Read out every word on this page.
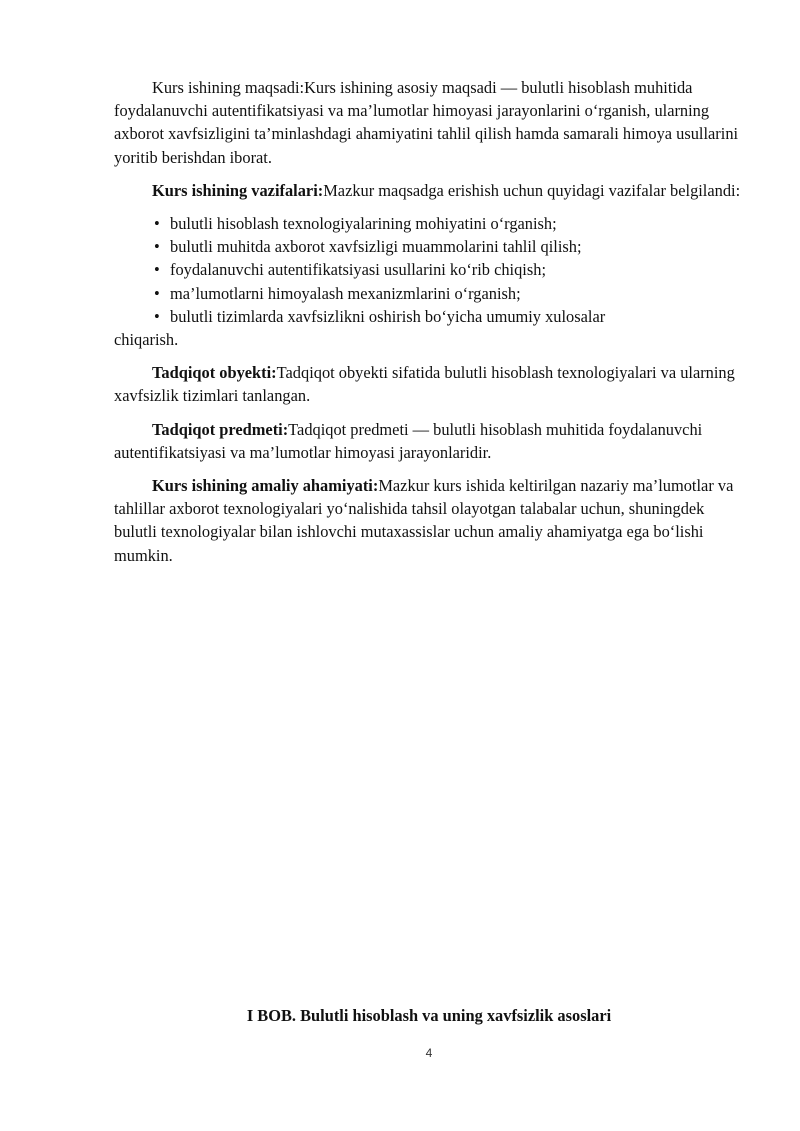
Kurs ishining maqsadi:Kurs ishining asosiy maqsadi — bulutli hisoblash muhitida foydalanuvchi autentifikatsiyasi va ma’lumotlar himoyasi jarayonlarini o‘rganish, ularning axborot xavfsizligini ta’minlashdagi ahamiyatini tahlil qilish hamda samarali himoya usullarini yoritib berishdan iborat.

Kurs ishining vazifalari:Mazkur maqsadga erishish uchun quyidagi vazifalar belgilandi:

• bulutli hisoblash texnologiyalarining mohiyatini o‘rganish;
• bulutli muhitda axborot xavfsizligi muammolarini tahlil qilish;
• foydalanuvchi autentifikatsiyasi usullarini ko‘rib chiqish;
• ma’lumotlarni himoyalash mexanizmlarini o‘rganish;
• bulutli tizimlarda xavfsizlikni oshirish bo‘yicha umumiy xulosalar

chiqarish.

Tadqiqot obyekti:Tadqiqot obyekti sifatida bulutli hisoblash texnologiyalari va ularning xavfsizlik tizimlari tanlangan.

Tadqiqot predmeti:Tadqiqot predmeti — bulutli hisoblash muhitida foydalanuvchi autentifikatsiyasi va ma’lumotlar himoyasi jarayonlaridir.

Kurs ishining amaliy ahamiyati:Mazkur kurs ishida keltirilgan nazariy ma’lumotlar va tahlillar axborot texnologiyalari yo‘nalishida tahsil olayotgan talabalar uchun, shuningdek bulutli texnologiyalar bilan ishlovchi mutaxassislar uchun amaliy ahamiyatga ega bo‘lishi mumkin.

I BOB. Bulutli hisoblash va uning xavfsizlik asoslari
4
